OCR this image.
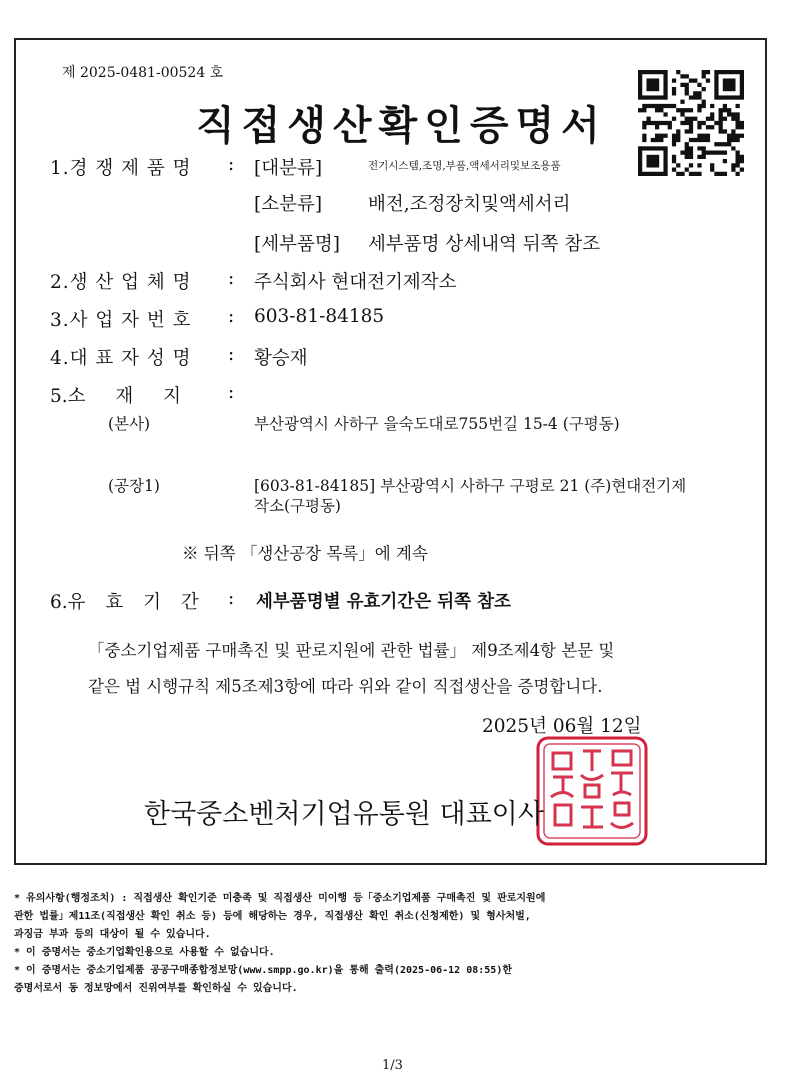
제 2025-0481-00524 호
직접생산확인증명서
1.경 쟁 제 품 명 : [대분류]	전기시스템,조명,부품,액세서리및보조용품
[소분류] 배전,조정장치및액세서리
[세부품명] 세부품명 상세내역 뒤쪽 참조
2.생 산 업 체 명 : 주식회사 현대전기제작소
3.사 업 자 번 호 : 603-81-84185
4.대 표 자 성 명 : 황승재
5.소 재 지	:
(본사)	부산광역시 사하구 을숙도대로755번길 15-4 (구평동)
(공장1)	[603-81-84185] 부산광역시 사하구 구평로 21 (주)현대전기제
작소(구평동)
※ 뒤쪽 「생산공장 목록」에 계속
6.유 효 기 간 : 세부품명별 유효기간은 뒤쪽 참조
「중소기업제품 구매촉진 및 판로지원에 관한 법률」 제9조제4항 본문 및
같은 법 시행규칙 제5조제3항에 따라 위와 같이 직접생산을 증명합니다.
2025년 06월 12일
한국중소벤처기업유통원 대표이사

* 유의사항(행정조치) : 직접생산 확인기준 미충족 및 직접생산 미이행 등「중소기업제품 구매촉진 및 판로지원에

관한 법률」제11조(직접생산 확인 취소 등) 등에 해당하는 경우, 직접생산 확인 취소(신청제한) 및 형사처벌,

과징금 부과 등의 대상이 될 수 있습니다.

* 이 증명서는 중소기업확인용으로 사용할 수 없습니다.

* 이 증명서는 중소기업제품 공공구매종합정보망(www.smpp.go.kr)을 통해 출력(2025-06-12 08:55)한

증명서로서 동 정보망에서 진위여부를 확인하실 수 있습니다.

1/3
